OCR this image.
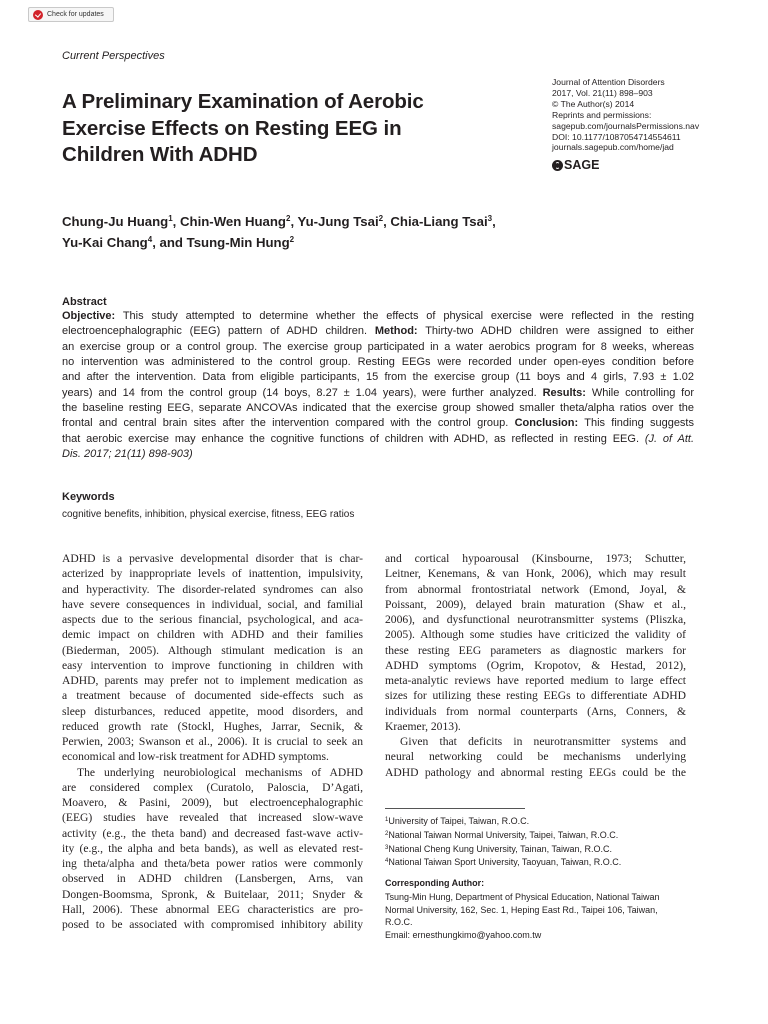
Check for updates
Current Perspectives
A Preliminary Examination of Aerobic
Exercise Effects on Resting EEG in
Children With ADHD
Journal of Attention Disorders
2017, Vol. 21(11) 898–903
© The Author(s) 2014
Reprints and permissions:
sagepub.com/journalsPermissions.nav
DOI: 10.1177/1087054714554611
journals.sagepub.com/home/jad
SAGE
Chung-Ju Huang$^1$, Chin-Wen Huang$^2$, Yu-Jung Tsai$^2$, Chia-Liang Tsai$^3$,
Yu-Kai Chang$^4$, and Tsung-Min Hung$^2$
Abstract
Objective: This study attempted to determine whether the effects of physical exercise were reflected in the resting
electroencephalographic (EEG) pattern of ADHD children. Method: Thirty-two ADHD children were assigned to either
an exercise group or a control group. The exercise group participated in a water aerobics program for 8 weeks, whereas
no intervention was administered to the control group. Resting EEGs were recorded under open-eyes condition before
and after the intervention. Data from eligible participants, 15 from the exercise group (11 boys and 4 girls, 7.93 ± 1.02
years) and 14 from the control group (14 boys, 8.27 ± 1.04 years), were further analyzed. Results: While controlling for
the baseline resting EEG, separate ANCOVAs indicated that the exercise group showed smaller theta/alpha ratios over the
frontal and central brain sites after the intervention compared with the control group. Conclusion: This finding suggests
that aerobic exercise may enhance the cognitive functions of children with ADHD, as reflected in resting EEG. (J. of Att.
Dis. 2017; 21(11) 898-903)
Keywords
cognitive benefits, inhibition, physical exercise, fitness, EEG ratios
ADHD is a pervasive developmental disorder that is char-
acterized by inappropriate levels of inattention, impulsivity,
and hyperactivity. The disorder-related syndromes can also
have severe consequences in individual, social, and familial
aspects due to the serious financial, psychological, and aca-
demic impact on children with ADHD and their families
(Biederman, 2005). Although stimulant medication is an
easy intervention to improve functioning in children with
ADHD, parents may prefer not to implement medication as
a treatment because of documented side-effects such as
sleep disturbances, reduced appetite, mood disorders, and
reduced growth rate (Stockl, Hughes, Jarrar, Secnik, &
Perwien, 2003; Swanson et al., 2006). It is crucial to seek an
economical and low-risk treatment for ADHD symptoms.
The underlying neurobiological mechanisms of ADHD
are considered complex (Curatolo, Paloscia, D’Agati,
Moavero, & Pasini, 2009), but electroencephalographic
(EEG) studies have revealed that increased slow-wave
activity (e.g., the theta band) and decreased fast-wave activ-
ity (e.g., the alpha and beta bands), as well as elevated rest-
ing theta/alpha and theta/beta power ratios were commonly
observed in ADHD children (Lansbergen, Arns, van
Dongen-Boomsma, Spronk, & Buitelaar, 2011; Snyder &
Hall, 2006). These abnormal EEG characteristics are pro-
posed to be associated with compromised inhibitory ability
and cortical hypoarousal (Kinsbourne, 1973; Schutter,
Leitner, Kenemans, & van Honk, 2006), which may result
from abnormal frontostriatal network (Emond, Joyal, &
Poissant, 2009), delayed brain maturation (Shaw et al.,
2006), and dysfunctional neurotransmitter systems (Pliszka,
2005). Although some studies have criticized the validity of
these resting EEG parameters as diagnostic markers for
ADHD symptoms (Ogrim, Kropotov, & Hestad, 2012),
meta-analytic reviews have reported medium to large effect
sizes for utilizing these resting EEGs to differentiate ADHD
individuals from normal counterparts (Arns, Conners, &
Kraemer, 2013).
Given that deficits in neurotransmitter systems and
neural networking could be mechanisms underlying
ADHD pathology and abnormal resting EEGs could be the
$^1$University of Taipei, Taiwan, R.O.C.
$^2$National Taiwan Normal University, Taipei, Taiwan, R.O.C.
$^3$National Cheng Kung University, Tainan, Taiwan, R.O.C.
$^4$National Taiwan Sport University, Taoyuan, Taiwan, R.O.C.
Corresponding Author:
Tsung-Min Hung, Department of Physical Education, National Taiwan
Normal University, 162, Sec. 1, Heping East Rd., Taipei 106, Taiwan,
R.O.C.
Email: ernesthungkimo@yahoo.com.tw
